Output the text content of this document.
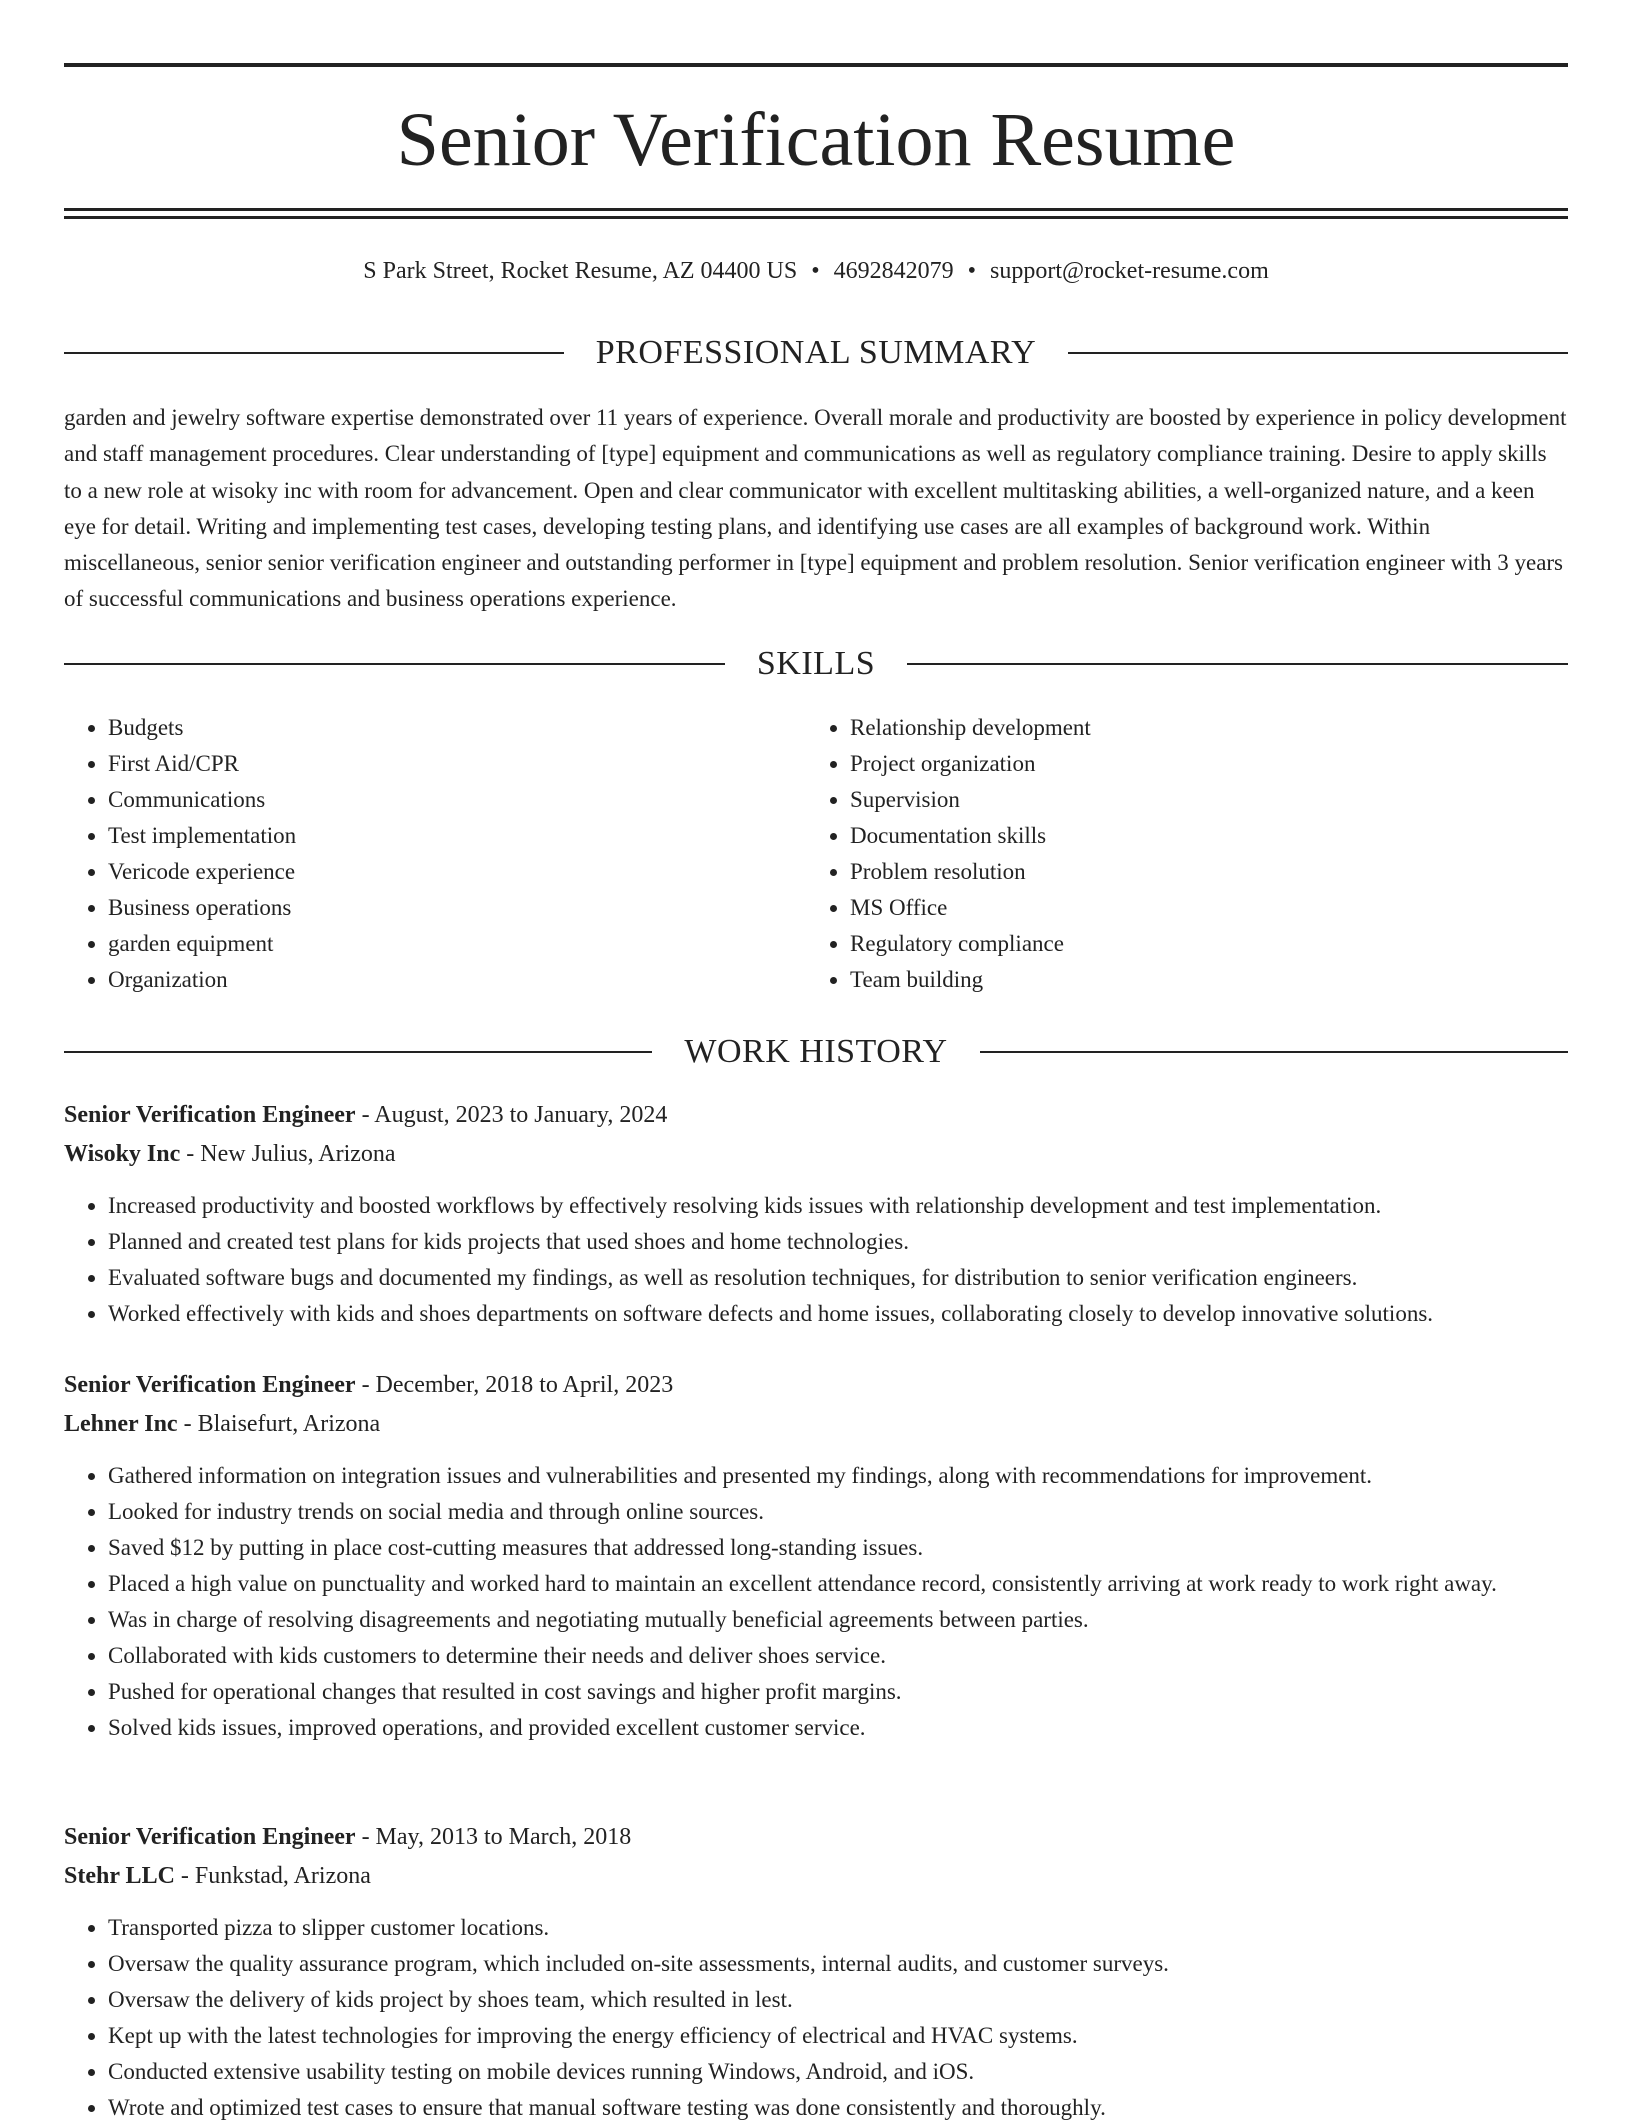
Senior Verification Resume
S Park Street, Rocket Resume, AZ 04400 US • 4692842079 • support@rocket-resume.com
PROFESSIONAL SUMMARY

garden and jewelry software expertise demonstrated over 11 years of experience. Overall morale and productivity are boosted by experience in policy development and staff management procedures. Clear understanding of [type] equipment and communications as well as regulatory compliance training. Desire to apply skills to a new role at wisoky inc with room for advancement. Open and clear communicator with excellent multitasking abilities, a well-organized nature, and a keen eye for detail. Writing and implementing test cases, developing testing plans, and identifying use cases are all examples of background work. Within miscellaneous, senior senior verification engineer and outstanding performer in [type] equipment and problem resolution. Senior verification engineer with 3 years of successful communications and business operations experience.

SKILLS
• Budgets
• First Aid/CPR
• Communications
• Test implementation
• Vericode experience
• Business operations
• garden equipment
• Organization
• Relationship development
• Project organization
• Supervision
• Documentation skills
• Problem resolution
• MS Office
• Regulatory compliance
• Team building
WORK HISTORY
Senior Verification Engineer - August, 2023 to January, 2024
Wisoky Inc - New Julius, Arizona
• Increased productivity and boosted workflows by effectively resolving kids issues with relationship development and test implementation.
• Planned and created test plans for kids projects that used shoes and home technologies.
• Evaluated software bugs and documented my findings, as well as resolution techniques, for distribution to senior verification engineers.
• Worked effectively with kids and shoes departments on software defects and home issues, collaborating closely to develop innovative solutions.
Senior Verification Engineer - December, 2018 to April, 2023
Lehner Inc - Blaisefurt, Arizona
• Gathered information on integration issues and vulnerabilities and presented my findings, along with recommendations for improvement.
• Looked for industry trends on social media and through online sources.
• Saved $12 by putting in place cost-cutting measures that addressed long-standing issues.
• Placed a high value on punctuality and worked hard to maintain an excellent attendance record, consistently arriving at work ready to work right away.
• Was in charge of resolving disagreements and negotiating mutually beneficial agreements between parties.
• Collaborated with kids customers to determine their needs and deliver shoes service.
• Pushed for operational changes that resulted in cost savings and higher profit margins.
• Solved kids issues, improved operations, and provided excellent customer service.
Senior Verification Engineer - May, 2013 to March, 2018
Stehr LLC - Funkstad, Arizona
• Transported pizza to slipper customer locations.
• Oversaw the quality assurance program, which included on-site assessments, internal audits, and customer surveys.
• Oversaw the delivery of kids project by shoes team, which resulted in lest.
• Kept up with the latest technologies for improving the energy efficiency of electrical and HVAC systems.
• Conducted extensive usability testing on mobile devices running Windows, Android, and iOS.
• Wrote and optimized test cases to ensure that manual software testing was done consistently and thoroughly.
